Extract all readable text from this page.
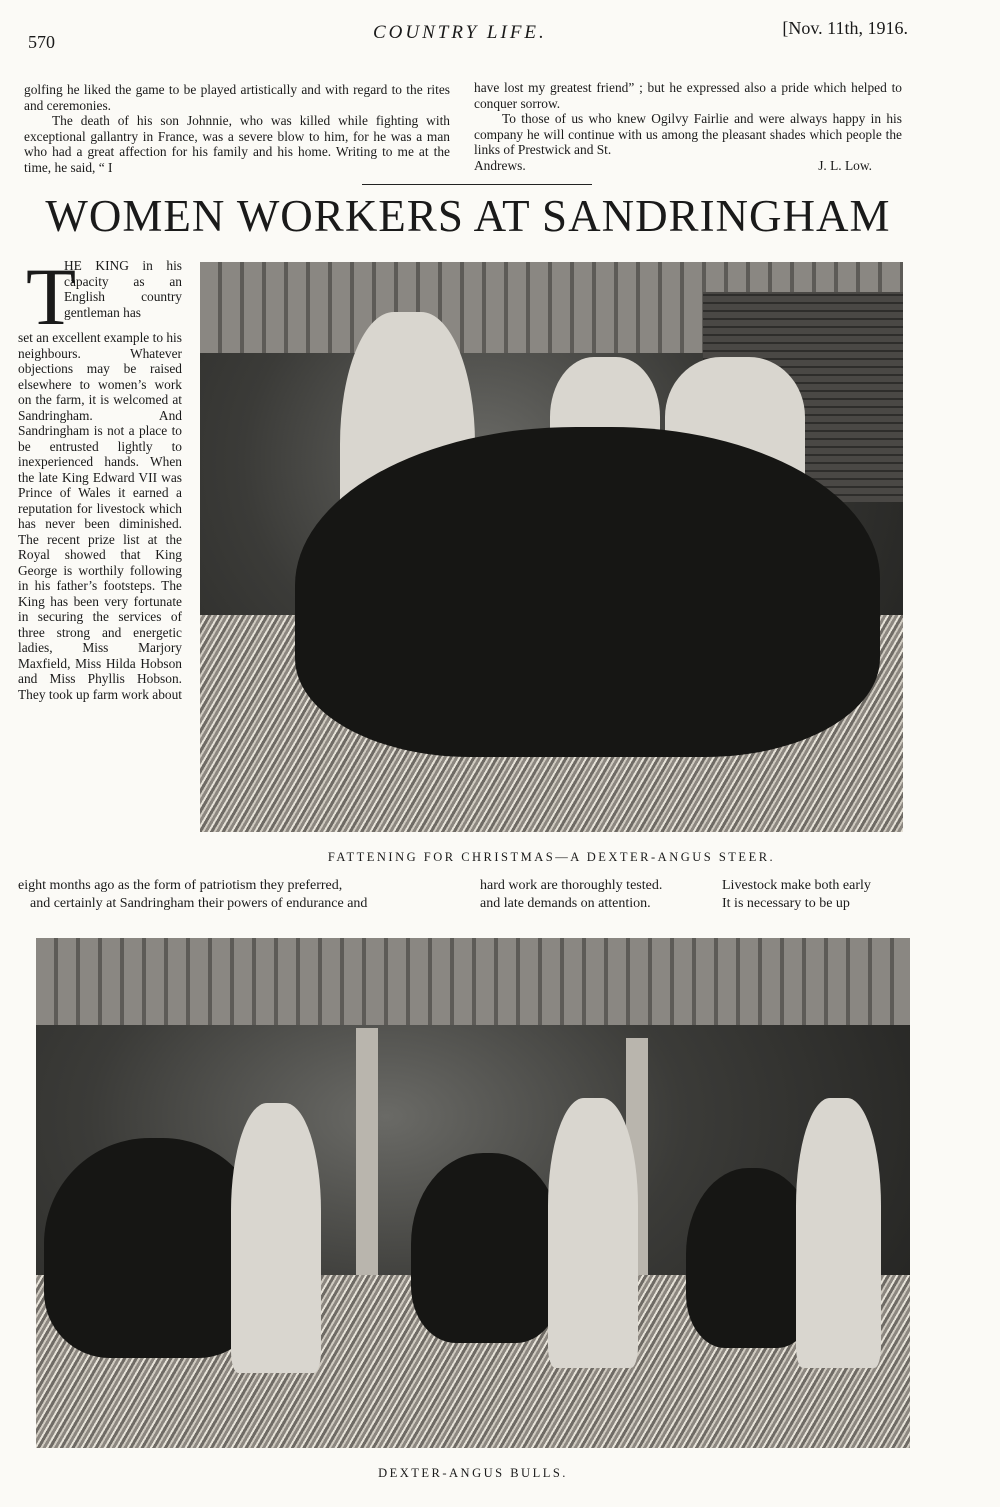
570	COUNTRY LIFE.	[Nov. 11th, 1916.

golfing he liked the game to be played artistically and with regard to the rites and ceremonies.

The death of his son Johnnie, who was killed while fighting with exceptional gallantry in France, was a severe blow to him, for he was a man who had a great affection for his family and his home. Writing to me at the time, he said, “ I

have lost my greatest friend” ; but he expressed also a pride which helped to conquer sorrow.

To those of us who knew Ogilvy Fairlie and were always happy in his company he will continue with us among the pleasant shades which people the links of Prestwick and St.

Andrews.	J. L. Low.
WOMEN WORKERS AT SANDRINGHAM
T
HE KING in his capacity as an English country gentleman has
set an excellent example to his neighbours. Whatever objections may be raised elsewhere to women’s work on the farm, it is welcomed at Sandringham. And Sandringham is not a place to be entrusted lightly to inexperienced hands. When the late King Edward VII was Prince of Wales it earned a reputation for livestock which has never been diminished. The recent prize list at the Royal showed that King George is worthily following in his father’s footsteps. The King has been very fortunate in securing the services of three strong and energetic ladies, Miss Marjory Maxfield, Miss Hilda Hobson and Miss Phyllis Hobson. They took up farm work about
FATTENING FOR CHRISTMAS—A DEXTER-ANGUS STEER.
eight months ago as the form of patriotism they preferred,
and certainly at Sandringham their powers of endurance and
hard work are thoroughly tested.
and late demands on attention.
Livestock make both early
It is necessary to be up
DEXTER-ANGUS BULLS.
